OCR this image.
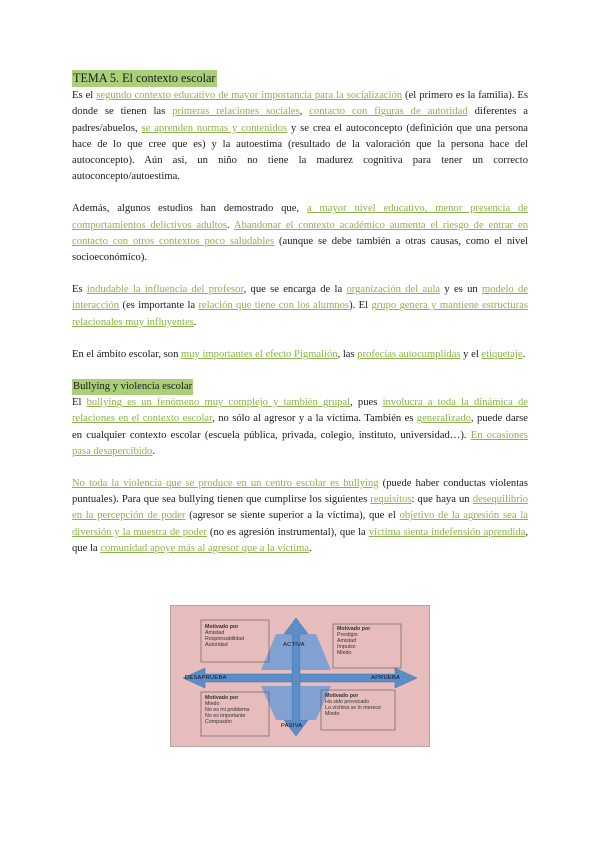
TEMA 5. El contexto escolar

Es el segundo contexto educativo de mayor importancia para la socialización (el primero es la familia). Es donde se tienen las primeras relaciones sociales, contacto con figuras de autoridad diferentes a padres/abuelos, se aprenden normas y contenidos y se crea el autoconcepto (definición que una persona hace de lo que cree que es) y la autoestima (resultado de la valoración que la persona hace del autoconcepto). Aún así, un niño no tiene la madurez cognitiva para tener un correcto autoconcepto/autoestima.

Además, algunos estudios han demostrado que, a mayor nivel educativo, menor presencia de comportamientos delictivos adultos. Abandonar el contexto académico aumenta el riesgo de entrar en contacto con otros contextos poco saludables (aunque se debe también a otras causas, como el nivel socioeconómico).

Es indudable la influencia del profesor, que se encarga de la organización del aula y es un modelo de interacción (es importante la relación que tiene con los alumnos). El grupo genera y mantiene estructuras relacionales muy influyentes.

En el ámbito escolar, son muy importantes el efecto Pigmalión, las profecías autocumplidas y el etiquetaje.

Bullying y violencia escolar

El bullying es un fenómeno muy complejo y también grupal, pues involucra a toda la dinámica de relaciones en el contexto escolar, no sólo al agresor y a la víctima. También es generalizado, puede darse en cualquier contexto escolar (escuela pública, privada, colegio, instituto, universidad…). En ocasiones pasa desapercibido.

No toda la violencia que se produce en un centro escolar es bullying (puede haber conductas violentas puntuales). Para que sea bullying tienen que cumplirse los siguientes requisitos: que haya un desequilibrio en la percepción de poder (agresor se siente superior a la víctima), que el objetivo de la agresión sea la diversión y la muestra de poder (no es agresión instrumental), que la víctima sienta indefensión aprendida, que la comunidad apoye más al agresor que a la víctima.

ACTIVA
PASIVA
DESAPRUEBA	APRUEBA
Motivado por
Amistad
Responsabilidad
Autoridad
Motivado por
Prestigio
Amistad
Impulso
Miedo
Motivado por
Miedo
No es mi problema
No es importante
Compasión
Motivado por
Ha sido provocado
La víctima se lo merece
Miedo
